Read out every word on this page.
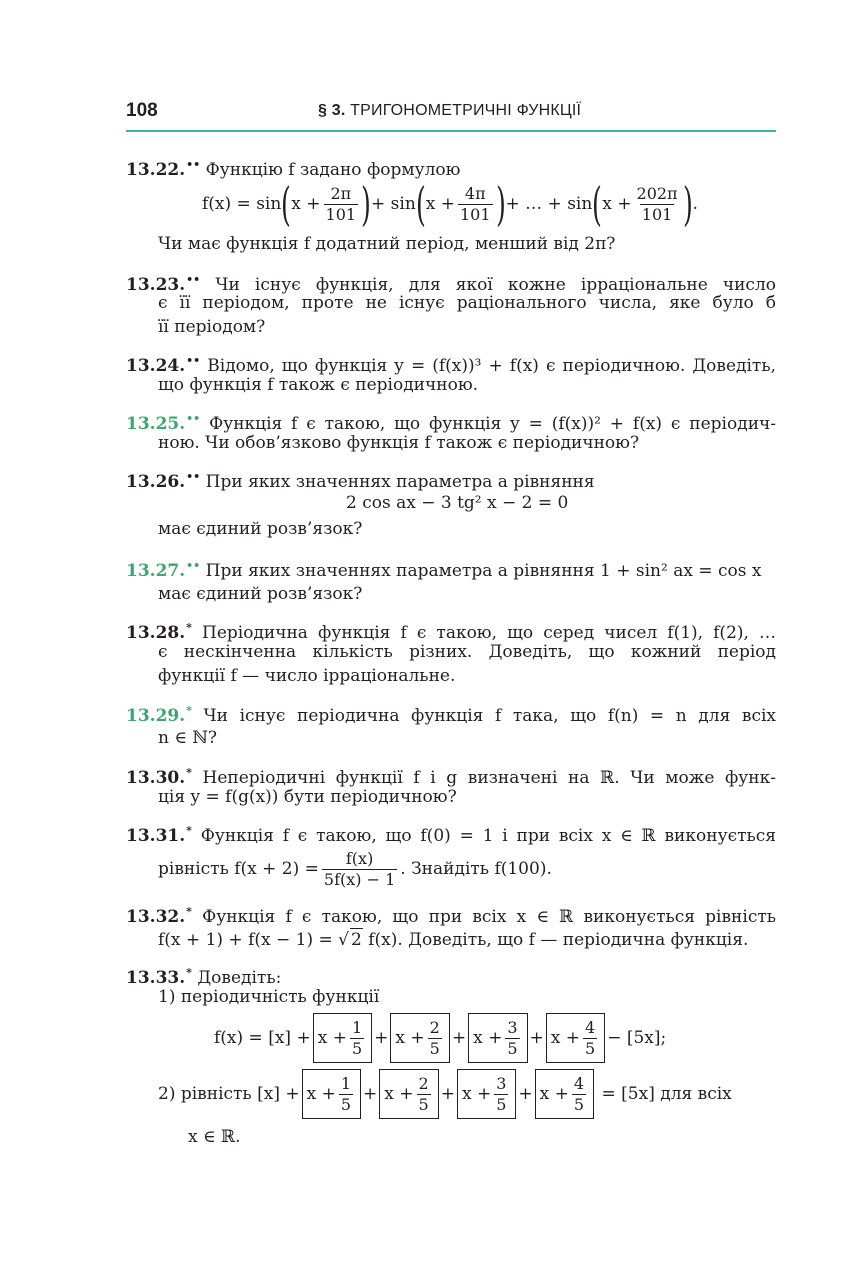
108	§ 3. ТРИГОНОМЕТРИЧНІ ФУНКЦІЇ
13.22.•• Функцію f задано формулою
f(x) = sin ( $x + \frac{2\pi}{101}$ ) +
sin ( $x + \frac{4\pi}{101}$ ) + … + sin ( $x + \frac{202\pi}{101}$ ) .
Чи має функція f додатний період, менший від 2π?
13.23.•• Чи існує функція, для якої кожне ірраціональне число
є її періодом, проте не існує раціонального числа, яке було б
її періодом?
13.24.•• Відомо, що функція y = (f(x))³ + f(x) є періодичною. Доведіть,
що функція f також є періодичною.
13.25.•• Функція f є такою, що функція y = (f(x))² + f(x) є періодич-
ною. Чи обов’язково функція f також є періодичною?
13.26.•• При яких значеннях параметра a рівняння
2 cos ax − 3 tg² x − 2 = 0
має єдиний розв’язок?
13.27.•• При яких значеннях параметра a рівняння 1 + sin² ax = cos x
має єдиний розв’язок?
13.28.* Періодична функція f є такою, що серед чисел f(1), f(2), …
є нескінченна кількість різних. Доведіть, що кожний період
функції f — число ірраціональне.
13.29.* Чи існує періодична функція f така, що f(n) = n для всіх
n ∈ ℕ?
13.30.* Неперіодичні функції f і g визначені на ℝ. Чи може функ-
ція y = f(g(x)) бути періодичною?
13.31.* Функція f є такою, що f(0) = 1 і при всіх x ∈ ℝ виконується
рівність $f(x + 2) = \frac{f(x)}{5f(x) - 1}$ . Знайдіть f(100).
13.32.* Функція f є такою, що при всіх x ∈ ℝ виконується рівність
f(x + 1) + f(x − 1) = √ 2 f(x). Доведіть, що f — періодична функція.
13.33.* Доведіть:
1) періодичність функції
$f(x) = [x] + x + \frac{1}{5} + x + \frac{2}{5} + x + \frac{3}{5} + x + \frac{4}{5} - [5x]$;
2) рівність $[x] + x + \frac{1}{5} + x + \frac{2}{5} + x + \frac{3}{5} + x + \frac{4}{5}$
= [5x] для всіх
x ∈ ℝ.
